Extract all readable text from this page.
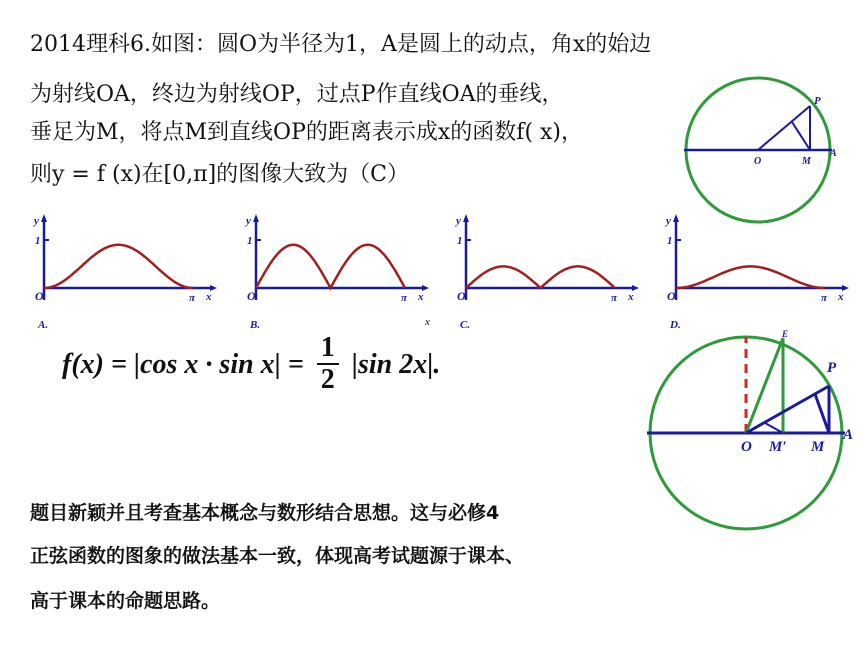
2014理科6.如图：圆O为半径为1，A是圆上的动点，角x的始边
为射线OA，终边为射线OP，过点P作直线OA的垂线，
垂足为M，将点M到直线OP的距离表示成x的函数f( x)，
则y = f (x)在[0,π]的图像大致为（C）
O	M
A
P
y
1
O	π x
A.
y
1
O	π x
B.
y
1
O	π x
C.
y
1
O	π x
D.
x
f(x) = |cos $x \cdot \sin x| = \frac{1}{2} |\sin$ 2x|.
O M′ M
A
P
E
题目新颖并且考查基本概念与数形结合思想。这与必修4
正弦函数的图象的做法基本一致，体现高考试题源于课本、
高于课本的命题思路。
